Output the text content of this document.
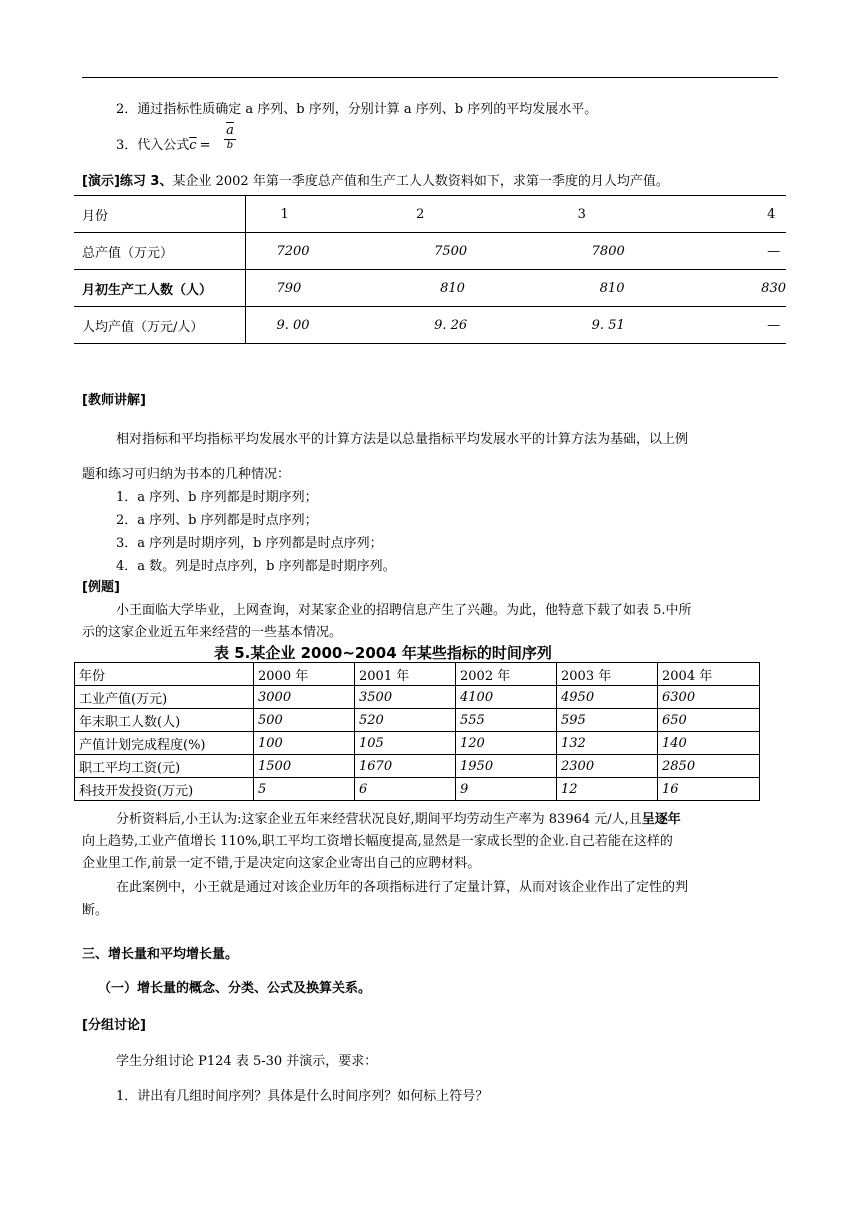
2．通过指标性质确定 a 序列、b 序列，分别计算 a 序列、b 序列的平均发展水平。
3．代入公式$\overline{c}$ =
$\overline{a}$
$\overline{b}$
[演示]练习 3、某企业 2002 年第一季度总产值和生产工人人数资料如下，求第一季度的月人均产值。
月份	1	2	3	4
总产值（万元）	7200	7500	7800	—
月初生产工人数（人）	790	810	810	830
人均产值（万元/人）	9. 00	9. 26	9. 51	—
[教师讲解]
相对指标和平均指标平均发展水平的计算方法是以总量指标平均发展水平的计算方法为基础，以上例
题和练习可归纳为书本的几种情况：
1．a 序列、b 序列都是时期序列；
2．a 序列、b 序列都是时点序列；
3．a 序列是时期序列，b 序列都是时点序列；
4．a 数。列是时点序列，b 序列都是时期序列。
[例题]
小王面临大学毕业，上网查询，对某家企业的招聘信息产生了兴趣。为此，他特意下载了如表 5.中所
示的这家企业近五年来经营的一些基本情况。
表 5.某企业 2000~2004 年某些指标的时间序列
年份	2000 年	2001 年	2002 年	2003 年	2004 年
工业产值(万元)	3000	3500	4100	4950	6300
年末职工人数(人)	500	520	555	595	650
产值计划完成程度(%)	100	105	120	132	140
职工平均工资(元)	1500	1670	1950	2300	2850
科技开发投资(万元)	5	6	9	12	16
分析资料后,小王认为:这家企业五年来经营状况良好,期间平均劳动生产率为 83964 元/人,且呈逐年
向上趋势,工业产值增长 110%,职工平均工资增长幅度提高,显然是一家成长型的企业.自己若能在这样的
企业里工作,前景一定不错,于是决定向这家企业寄出自己的应聘材料。
在此案例中，小王就是通过对该企业历年的各项指标进行了定量计算，从而对该企业作出了定性的判
断。
三、增长量和平均增长量。
（一）增长量的概念、分类、公式及换算关系。
[分组讨论]
学生分组讨论 P124 表 5-30 并演示，要求：
1．讲出有几组时间序列？具体是什么时间序列？如何标上符号？
